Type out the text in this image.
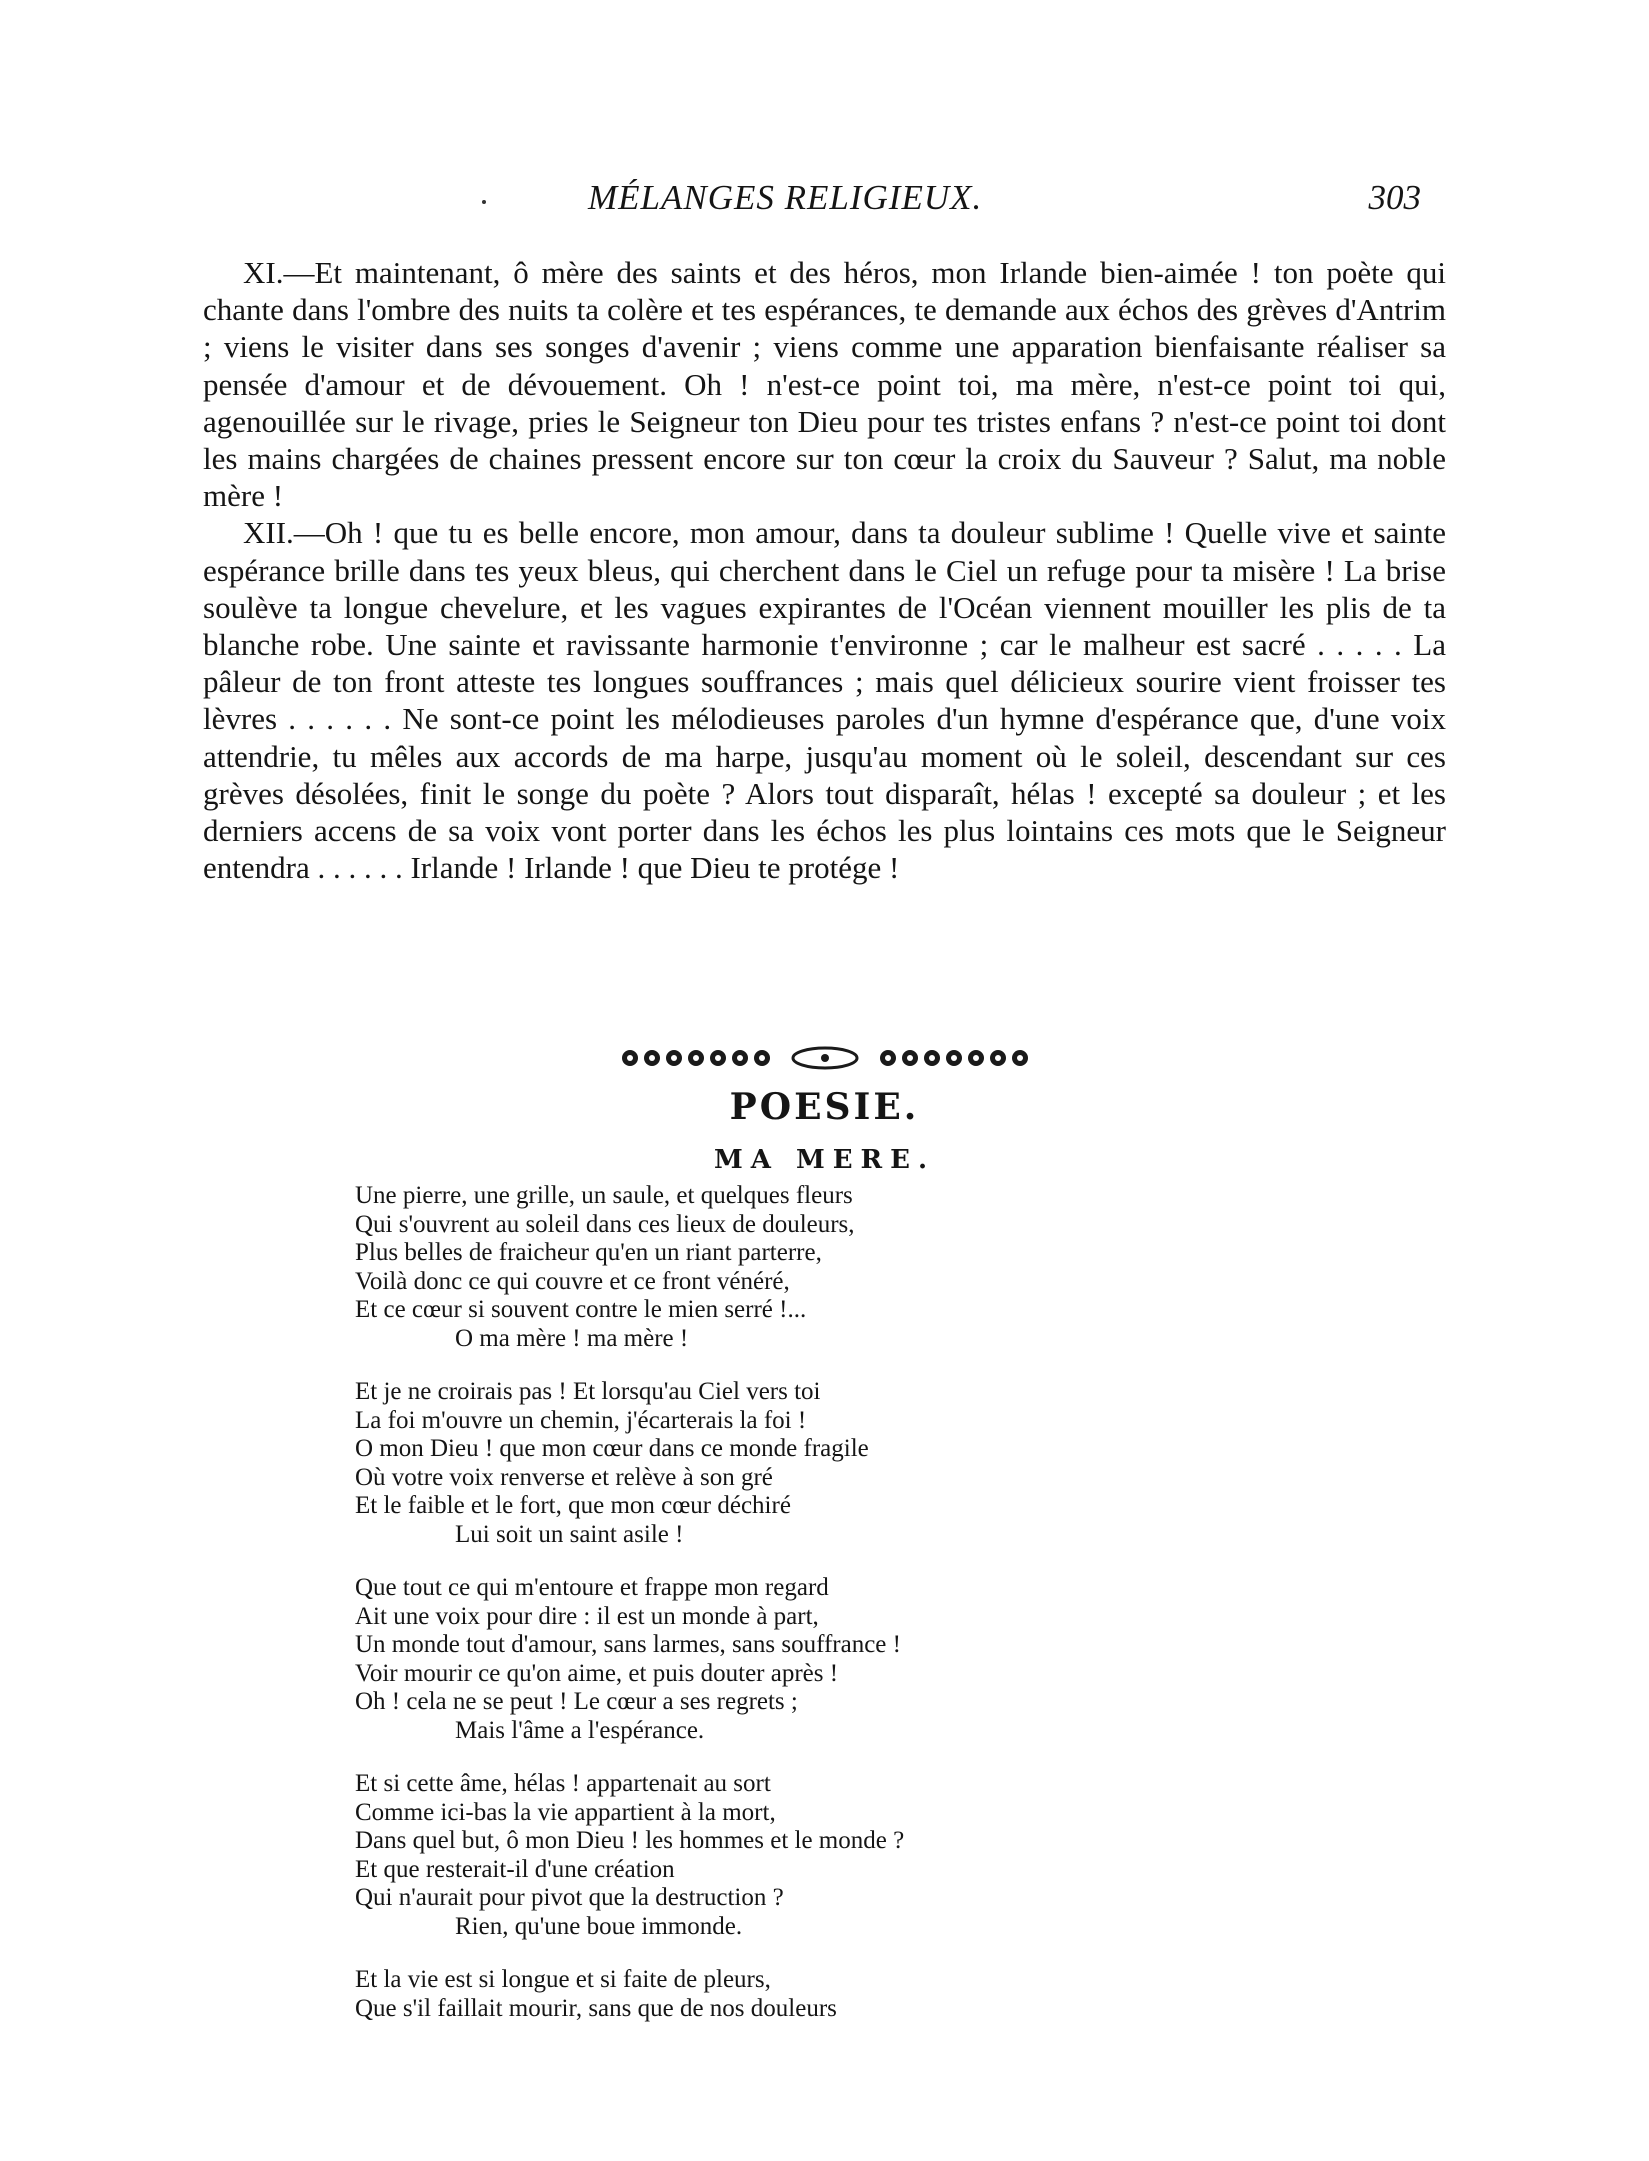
MÉLANGES RELIGIEUX.	303

XI.—Et maintenant, ô mère des saints et des héros, mon Irlande bien-aimée ! ton poète qui chante dans l'ombre des nuits ta colère et tes espérances, te demande aux échos des grèves d'Antrim ; viens le visiter dans ses songes d'avenir ; viens comme une apparation bienfaisante réaliser sa pensée d'amour et de dévouement. Oh ! n'est-ce point toi, ma mère, n'est-ce point toi qui, agenouillée sur le rivage, pries le Seigneur ton Dieu pour tes tristes enfans ? n'est-ce point toi dont les mains chargées de chaines pressent encore sur ton cœur la croix du Sauveur ? Salut, ma noble mère !

XII.—Oh ! que tu es belle encore, mon amour, dans ta douleur sublime ! Quelle vive et sainte espérance brille dans tes yeux bleus, qui cherchent dans le Ciel un refuge pour ta misère ! La brise soulève ta longue chevelure, et les vagues expirantes de l'Océan viennent mouiller les plis de ta blanche robe. Une sainte et ravissante harmonie t'environne ; car le malheur est sacré . . . . . La pâleur de ton front atteste tes longues souffrances ; mais quel délicieux sourire vient froisser tes lèvres . . . . . . Ne sont-ce point les mélodieuses paroles d'un hymne d'espérance que, d'une voix attendrie, tu mêles aux accords de ma harpe, jusqu'au moment où le soleil, descendant sur ces grèves désolées, finit le songe du poète ? Alors tout disparaît, hélas ! excepté sa douleur ; et les derniers accens de sa voix vont porter dans les échos les plus lointains ces mots que le Seigneur entendra . . . . . . Irlande ! Irlande ! que Dieu te protége !

POESIE.
MA MERE.
Une pierre, une grille, un saule, et quelques fleurs
Qui s'ouvrent au soleil dans ces lieux de douleurs,
Plus belles de fraicheur qu'en un riant parterre,
Voilà donc ce qui couvre et ce front vénéré,
Et ce cœur si souvent contre le mien serré !...
O ma mère ! ma mère !
Et je ne croirais pas ! Et lorsqu'au Ciel vers toi
La foi m'ouvre un chemin, j'écarterais la foi !
O mon Dieu ! que mon cœur dans ce monde fragile
Où votre voix renverse et relève à son gré
Et le faible et le fort, que mon cœur déchiré
Lui soit un saint asile !
Que tout ce qui m'entoure et frappe mon regard
Ait une voix pour dire : il est un monde à part,
Un monde tout d'amour, sans larmes, sans souffrance !
Voir mourir ce qu'on aime, et puis douter après !
Oh ! cela ne se peut ! Le cœur a ses regrets ;
Mais l'âme a l'espérance.
Et si cette âme, hélas ! appartenait au sort
Comme ici-bas la vie appartient à la mort,
Dans quel but, ô mon Dieu ! les hommes et le monde ?
Et que resterait-il d'une création
Qui n'aurait pour pivot que la destruction ?
Rien, qu'une boue immonde.
Et la vie est si longue et si faite de pleurs,
Que s'il faillait mourir, sans que de nos douleurs
